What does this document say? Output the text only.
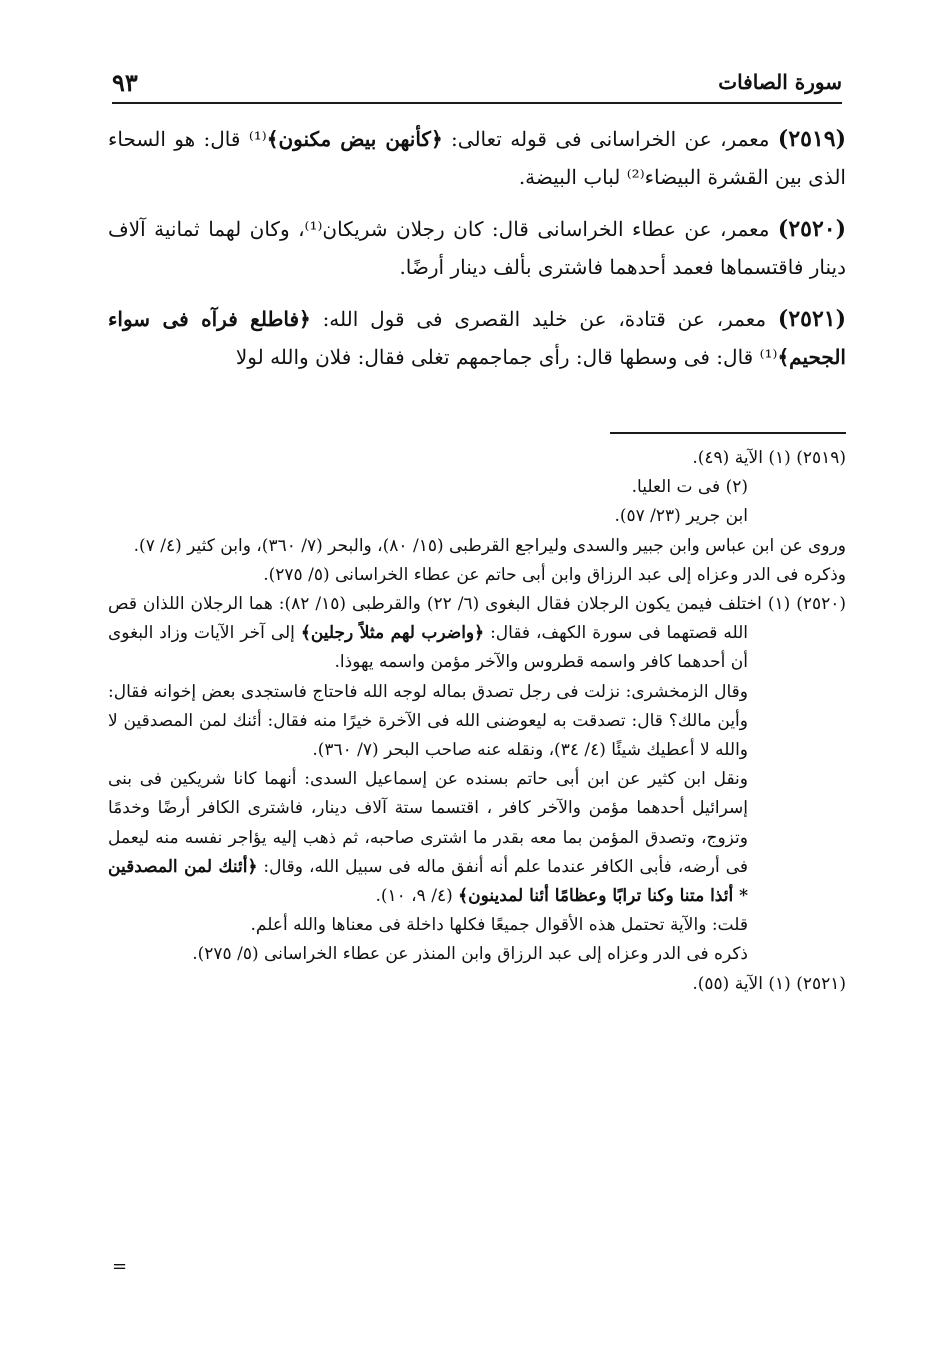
سورة الصافات
٩٣

(٢٥١٩) معمر، عن الخراسانى فى قوله تعالى: ﴿كأنهن بيض مكنون﴾⁽¹⁾ قال: هو السحاء الذى بين القشرة البيضاء⁽²⁾ لباب البيضة.

(٢٥٢٠) معمر، عن عطاء الخراسانى قال: كان رجلان شريكان⁽¹⁾، وكان لهما ثمانية آلاف دينار فاقتسماها فعمد أحدهما فاشترى بألف دينار أرضًا.

(٢٥٢١) معمر، عن قتادة، عن خليد القصرى فى قول الله: ﴿فاطلع فرآه فى سواء الجحيم﴾⁽¹⁾ قال: فى وسطها قال: رأى جماجمهم تغلى فقال: فلان والله لولا

(٢٥١٩) (١) الآية (٤٩).

(٢) فى ت العليا.

ابن جرير (٢٣/ ٥٧).

وروى عن ابن عباس وابن جبير والسدى وليراجع القرطبى (١٥/ ٨٠)، والبحر (٧/ ٣٦٠)، وابن كثير (٤/ ٧).

وذكره فى الدر وعزاه إلى عبد الرزاق وابن أبى حاتم عن عطاء الخراسانى (٥/ ٢٧٥).

(٢٥٢٠) (١) اختلف فيمن يكون الرجلان فقال البغوى (٦/ ٢٢) والقرطبى (١٥/ ٨٢): هما الرجلان اللذان قص الله قصتهما فى سورة الكهف، فقال: ﴿واضرب لهم مثلاً رجلين﴾ إلى آخر الآيات وزاد البغوى أن أحدهما كافر واسمه قطروس والآخر مؤمن واسمه يهوذا.

وقال الزمخشرى: نزلت فى رجل تصدق بماله لوجه الله فاحتاج فاستجدى بعض إخوانه فقال: وأين مالك؟ قال: تصدقت به ليعوضنى الله فى الآخرة خيرًا منه فقال: أئنك لمن المصدقين لا والله لا أعطيك شيئًا (٤/ ٣٤)، ونقله عنه صاحب البحر (٧/ ٣٦٠).

ونقل ابن كثير عن ابن أبى حاتم بسنده عن إسماعيل السدى: أنهما كانا شريكين فى بنى إسرائيل أحدهما مؤمن والآخر كافر ، اقتسما ستة آلاف دينار، فاشترى الكافر أرضًا وخدمًا وتزوج، وتصدق المؤمن بما معه بقدر ما اشترى صاحبه، ثم ذهب إليه يؤاجر نفسه منه ليعمل فى أرضه، فأبى الكافر عندما علم أنه أنفق ماله فى سبيل الله، وقال: ﴿أئنك لمن المصدقين * أئذا متنا وكنا ترابًا وعظامًا أئنا لمدينون﴾ (٤/ ٩، ١٠).

قلت: والآية تحتمل هذه الأقوال جميعًا فكلها داخلة فى معناها والله أعلم.

ذكره فى الدر وعزاه إلى عبد الرزاق وابن المنذر عن عطاء الخراسانى (٥/ ٢٧٥).

(٢٥٢١) (١) الآية (٥٥).

=
